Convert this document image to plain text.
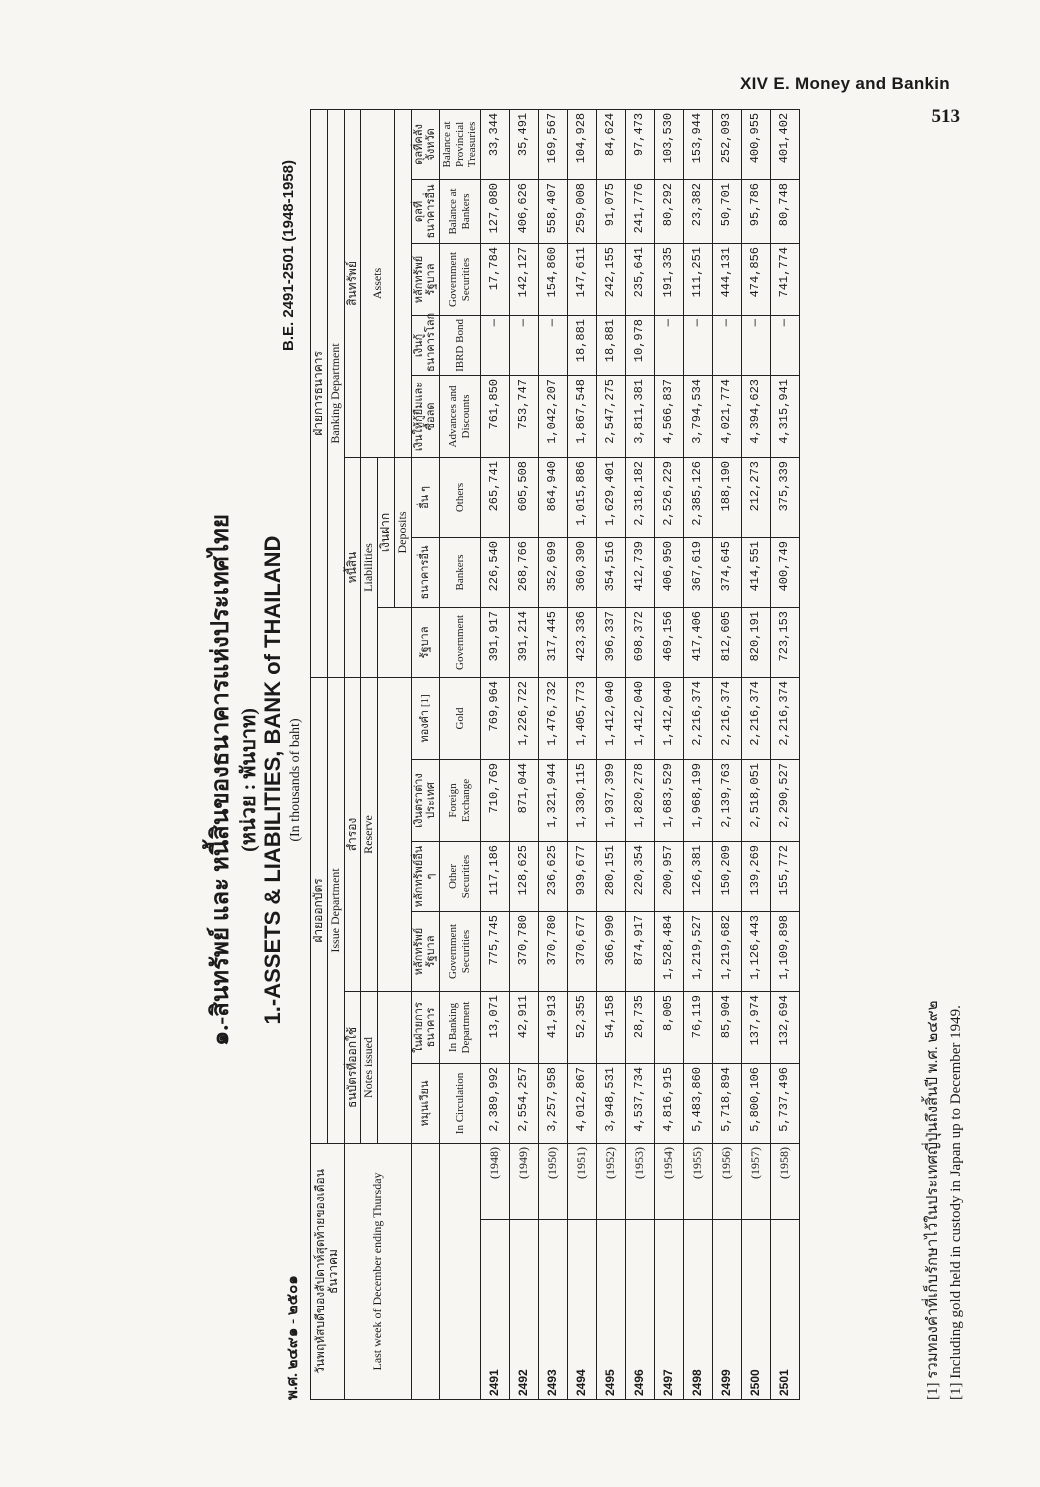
XIV E. Money and Bankin
513
๑.-สินทรัพย์ และ หนี้สินของธนาคารแห่งประเทศไทย (หน่วย : พันบาท) 1.-ASSETS & LIABILITIES, BANK of THAILAND (In thousands of baht)
พ.ศ. ๒๔๙๑ - ๒๕๐๑
B.E. 2491-2501 (1948-1958)
วันพฤหัสบดีของสัปดาห์สุดท้ายของเดือนธันวาคม		ฝ่ายออกบัตร						ฝ่ายการธนาคาร							
		Issue Department						Banking Department							
Last week of December ending Thursday		ธนบัตรที่ออกใช้		สำรอง				หนี้สิน			สินทรัพย์				
		Notes issued		Reserve				Liabilities			Assets				
									เงินฝาก						
									Deposits						
		หมุนเวียน	ในฝ่ายการธนาคาร	หลักทรัพย์รัฐบาล	หลักทรัพย์อื่น ๆ	เงินตราต่างประเทศ	ทองคำ [1]	รัฐบาล	ธนาคารอื่น	อื่น ๆ	เงินให้กู้ยืมและซื้อลด	เงินกู้ธนาคารโลก	หลักทรัพย์รัฐบาล	ดุลที่ธนาคารอื่น	ดุลที่คลังจังหวัด
		In Circulation	In Banking Department	Government Securities	Other Securities	Foreign Exchange	Gold	Government	Bankers	Others	Advances and Discounts	IBRD Bond	Government Securities	Balance at Bankers	Balance at Provincial Treasuries
2491	(1948)	2,389,992	13,071	775,745	117,186	710,769	769,964	391,917	226,540	265,741	761,850	—	17,784	127,080	33,344
2492	(1949)	2,554,257	42,911	370,780	128,625	871,044	1,226,722	391,214	268,766	605,508	753,747	—	142,127	406,626	35,491
2493	(1950)	3,257,958	41,913	370,780	236,625	1,321,944	1,476,732	317,445	352,699	864,940	1,042,207	—	154,860	558,407	169,567
2494	(1951)	4,012,867	52,355	370,677	939,677	1,330,115	1,405,773	423,336	360,390	1,015,886	1,867,548	18,881	147,611	259,008	104,928
2495	(1952)	3,948,531	54,158	366,990	280,151	1,937,399	1,412,040	396,337	354,516	1,629,401	2,547,275	18,881	242,155	91,075	84,624
2496	(1953)	4,537,734	28,735	874,917	220,354	1,820,278	1,412,040	698,372	412,739	2,318,182	3,811,381	10,978	235,641	241,776	97,473
2497	(1954)	4,816,915	8,005	1,528,484	200,957	1,683,529	1,412,040	469,156	406,950	2,526,229	4,566,837	—	191,335	80,292	103,530
2498	(1955)	5,483,860	76,119	1,219,527	126,381	1,968,199	2,216,374	417,406	367,619	2,385,126	3,794,534	—	111,251	23,382	153,944
2499	(1956)	5,718,894	85,904	1,219,682	150,209	2,139,763	2,216,374	812,605	374,645	188,190	4,021,774	—	444,131	50,701	252,093
2500	(1957)	5,800,106	137,974	1,126,443	139,269	2,518,051	2,216,374	820,191	414,551	212,273	4,394,623	—	474,856	95,786	400,955
2501	(1958)	5,737,496	132,694	1,109,898	155,772	2,290,527	2,216,374	723,153	400,749	375,339	4,315,941	—	741,774	80,748	401,402
[1] รวมทองคำที่เก็บรักษาไว้ในประเทศญี่ปุ่นถึงสิ้นปี พ.ศ. ๒๔๙๒ [1] Including gold held in custody in Japan up to December 1949.
